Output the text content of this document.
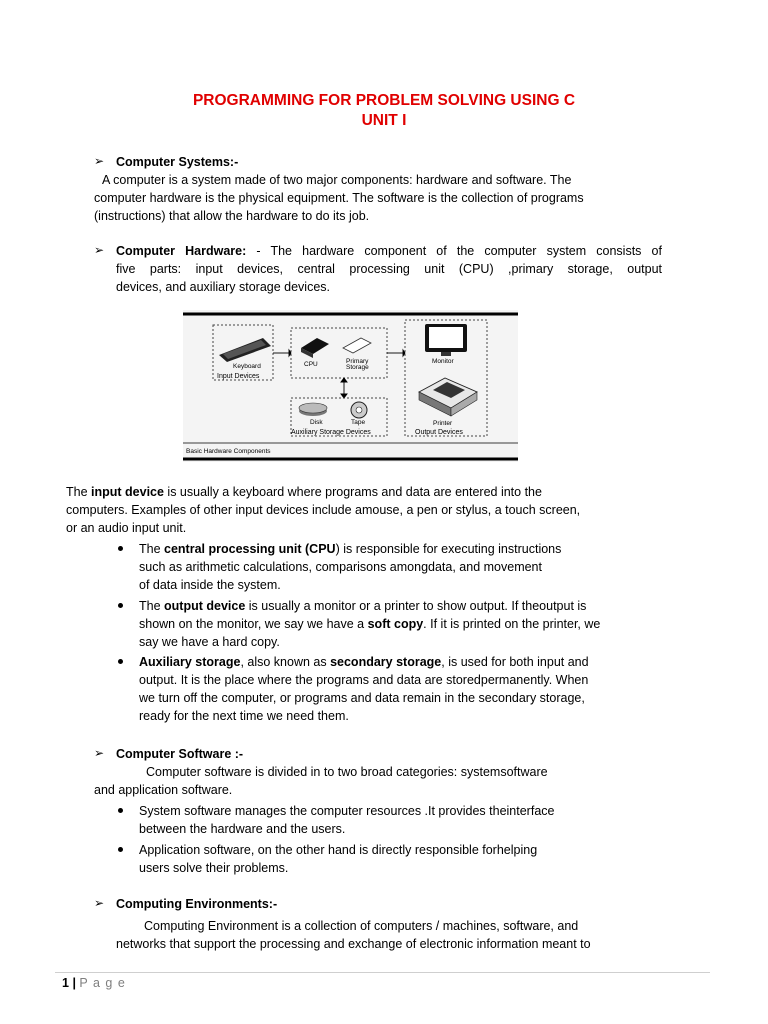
PROGRAMMING FOR PROBLEM SOLVING USING C
UNIT I
➢ Computer Systems:-
A computer is a system made of two major components: hardware and software. The
computer hardware is the physical equipment. The software is the collection of programs
(instructions) that allow the hardware to do its job.
➢ Computer Hardware: - The hardware component of the computer system consists of
five parts: input devices, central processing unit (CPU) ,primary storage, output
devices, and auxiliary storage devices.
Keyboard
Input Devices
CPU	Primary
Storage
Disk	Tape
Auxiliary Storage Devices
Monitor
Printer
Output Devices
Basic Hardware Components
The input device is usually a keyboard where programs and data are entered into the
computers. Examples of other input devices include amouse, a pen or stylus, a touch screen,
or an audio input unit.
The central processing unit (CPU) is responsible for executing instructions
such as arithmetic calculations, comparisons amongdata, and movement
of data inside the system.
The output device is usually a monitor or a printer to show output. If theoutput is
shown on the monitor, we say we have a soft copy. If it is printed on the printer, we
say we have a hard copy.
Auxiliary storage, also known as secondary storage, is used for both input and
output. It is the place where the programs and data are storedpermanently. When
we turn off the computer, or programs and data remain in the secondary storage,
ready for the next time we need them.
➢ Computer Software :-
Computer software is divided in to two broad categories: systemsoftware
and application software.
System software manages the computer resources .It provides theinterface
between the hardware and the users.
Application software, on the other hand is directly responsible forhelping
users solve their problems.
➢ Computing Environments:-
Computing Environment is a collection of computers / machines, software, and
networks that support the processing and exchange of electronic information meant to
1 | P a g e
